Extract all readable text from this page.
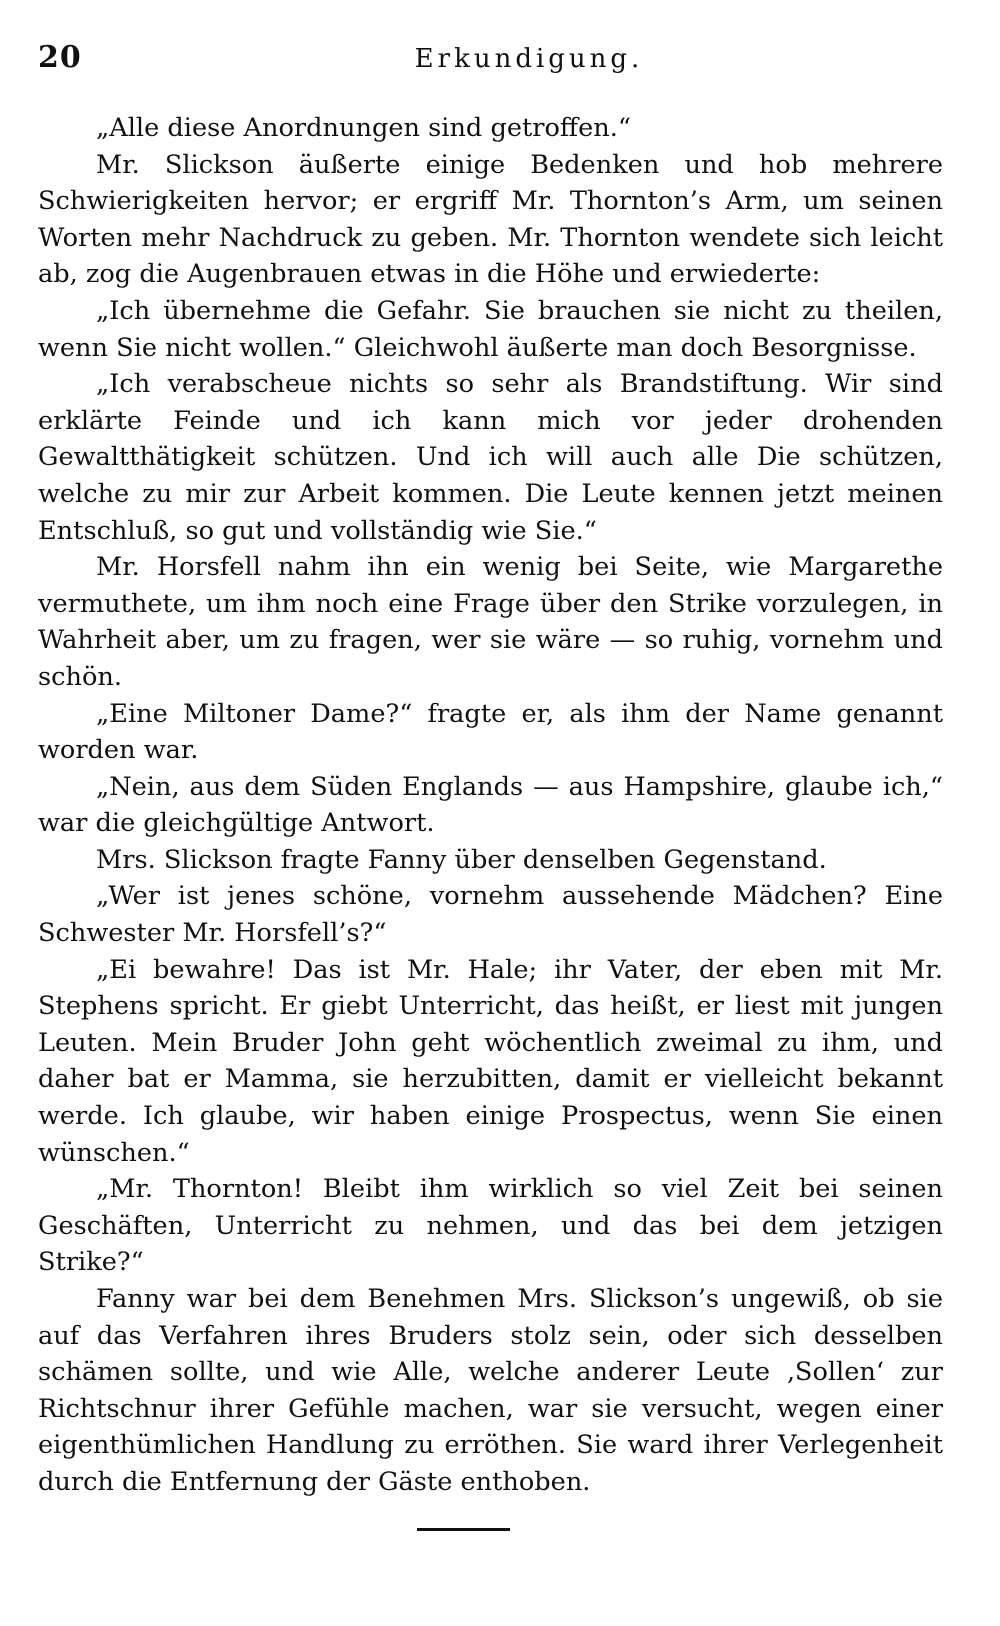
20	Erkundigung.

„Alle diese Anordnungen sind getroffen.“

Mr. Slickson äußerte einige Bedenken und hob mehrere Schwierigkeiten hervor; er ergriff Mr. Thornton’s Arm, um seinen Worten mehr Nachdruck zu geben. Mr. Thornton wendete sich leicht ab, zog die Augenbrauen etwas in die Höhe und erwiederte:

„Ich übernehme die Gefahr. Sie brauchen sie nicht zu theilen, wenn Sie nicht wollen.“ Gleichwohl äußerte man doch Besorgnisse.

„Ich verabscheue nichts so sehr als Brandstiftung. Wir sind erklärte Feinde und ich kann mich vor jeder drohenden Gewaltthätigkeit schützen. Und ich will auch alle Die schützen, welche zu mir zur Arbeit kommen. Die Leute kennen jetzt meinen Entschluß, so gut und vollständig wie Sie.“

Mr. Horsfell nahm ihn ein wenig bei Seite, wie Margarethe vermuthete, um ihm noch eine Frage über den Strike vorzulegen, in Wahrheit aber, um zu fragen, wer sie wäre — so ruhig, vornehm und schön.

„Eine Miltoner Dame?“ fragte er, als ihm der Name genannt worden war.

„Nein, aus dem Süden Englands — aus Hampshire, glaube ich,“ war die gleichgültige Antwort.

Mrs. Slickson fragte Fanny über denselben Gegenstand.

„Wer ist jenes schöne, vornehm aussehende Mädchen? Eine Schwester Mr. Horsfell’s?“

„Ei bewahre! Das ist Mr. Hale; ihr Vater, der eben mit Mr. Stephens spricht. Er giebt Unterricht, das heißt, er liest mit jungen Leuten. Mein Bruder John geht wöchentlich zweimal zu ihm, und daher bat er Mamma, sie herzubitten, damit er vielleicht bekannt werde. Ich glaube, wir haben einige Prospectus, wenn Sie einen wünschen.“

„Mr. Thornton! Bleibt ihm wirklich so viel Zeit bei seinen Geschäften, Unterricht zu nehmen, und das bei dem jetzigen Strike?“

Fanny war bei dem Benehmen Mrs. Slickson’s ungewiß, ob sie auf das Verfahren ihres Bruders stolz sein, oder sich desselben schämen sollte, und wie Alle, welche anderer Leute ‚Sollen‘ zur Richtschnur ihrer Gefühle machen, war sie versucht, wegen einer eigenthümlichen Handlung zu erröthen. Sie ward ihrer Verlegenheit durch die Entfernung der Gäste enthoben.
